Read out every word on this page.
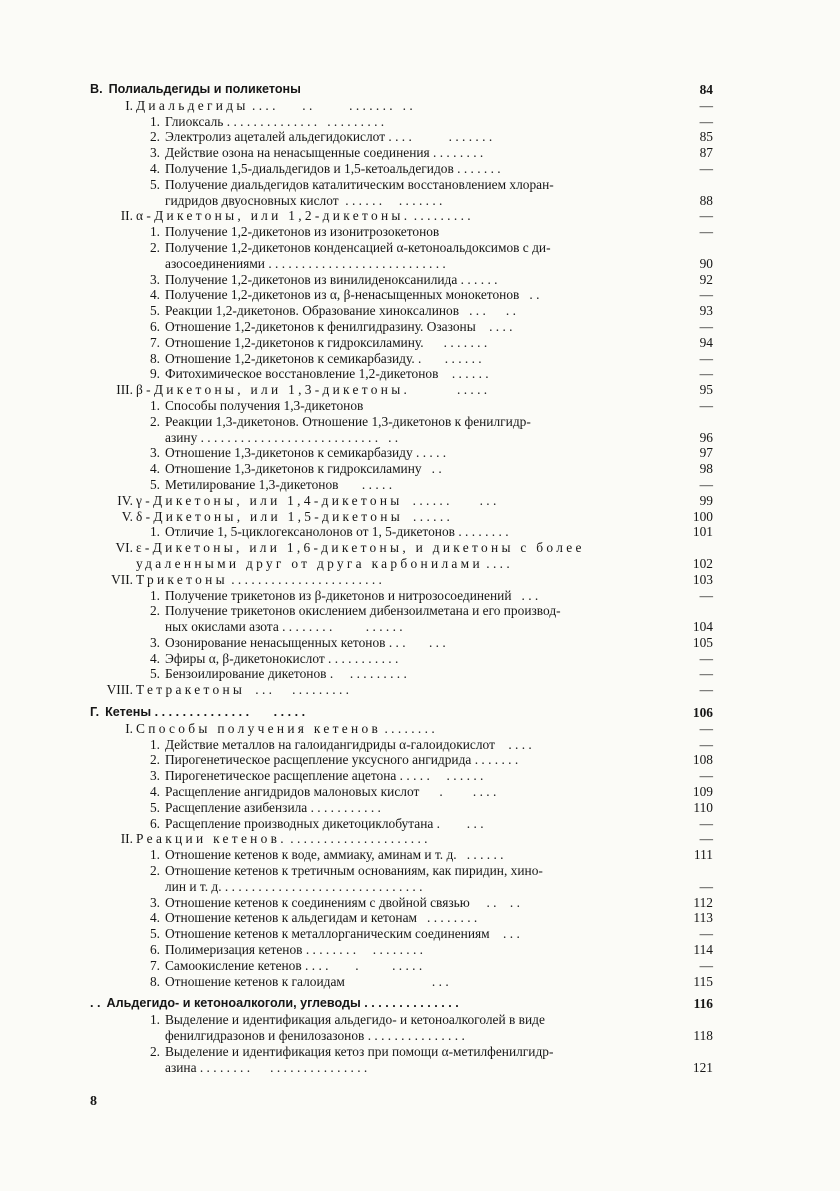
В. Полиальдегиды и поликетоны	84
I. Диальдегиды . . . .        . .           . . . . . . .   . .	—
1. Глиоксаль . . . . . . . . . . . . . .   . . . . . . . . .	—
2. Электролиз ацеталей альдегидокислот . . . .           . . . . . . .	85
3. Действие озона на ненасыщенные соединения . . . . . . . .	87
4. Получение 1,5-диальдегидов и 1,5-кетоальдегидов . . . . . . .	—
5. Получение диальдегидов каталитическим восстановлением хлоран-
гидридов двуосновных кислот  . . . . . .     . . . . . . .	88
II. α-Дикетоны, или 1,2-дикетоны. . . . . . . . . .	—
1. Получение 1,2-дикетонов из изонитрозокетонов	—
2. Получение 1,2-дикетонов конденсацией α-кетоноальдоксимов с ди-
азосоединениями . . . . . . . . . . . . . . . . . . . . . . . . . . .	90
3. Получение 1,2-дикетонов из винилиденоксанилида . . . . . .	92
4. Получение 1,2-дикетонов из α, β-ненасыщенных монокетонов   . .	—
5. Реакции 1,2-дикетонов. Образование хиноксалинов   . . .      . .	93
6. Отношение 1,2-дикетонов к фенилгидразину. Озазоны    . . . .	—
7. Отношение 1,2-дикетонов к гидроксиламину.      . . . . . . .	94
8. Отношение 1,2-дикетонов к семикарбазиду. .       . . . . . .	—
9. Фитохимическое восстановление 1,2-дикетонов    . . . . . .	—
III. β-Дикетоны, или 1,3-дикетоны.              . . . . .	95
1. Способы получения 1,3-дикетонов	—
2. Реакции 1,3-дикетонов. Отношение 1,3-дикетонов к фенилгидр-
азину . . . . . . . . . . . . . . . . . . . . . . . . . . .   . .	96
3. Отношение 1,3-дикетонов к семикарбазиду . . . . .	97
4. Отношение 1,3-дикетонов к гидроксиламину   . .	98
5. Метилирование 1,3-дикетонов       . . . . .	—
IV. γ-Дикетоны, или 1,4-дикетоны   . . . . . .         . . .	99
V. δ-Дикетоны, или 1,5-дикетоны   . . . . . .	100
1. Отличие 1, 5-циклогексанолонов от 1, 5-дикетонов . . . . . . . .	101
VI. ε-Дикетоны, или 1,6-дикетоны, и дикетоны с более
удаленными друг от друга карбонилами . . . .	102
VII. Трикетоны . . . . . . . . . . . . . . . . . . . . . . .	103
1. Получение трикетонов из β-дикетонов и нитрозосоединений   . . .	—
2. Получение трикетонов окислением дибензоилметана и его производ-
ных окислами азота . . . . . . . .          . . . . . .	104
3. Озонирование ненасыщенных кетонов . . .       . . .	105
4. Эфиры α, β-дикетонокислот . . . . . . . . . . .	—
5. Бензоилирование дикетонов .     . . . . . . . . .	—
VIII. Тетракетоны   . . .      . . . . . . . . .	—
Г. Кетены . . . . . . . . . . . . . .       . . . . .	106
I. Способы получения кетенов . . . . . . . .	—
1. Действие металлов на галоидангидриды α-галоидокислот    . . . .	—
2. Пирогенетическое расщепление уксусного ангидрида . . . . . . .	108
3. Пирогенетическое расщепление ацетона . . . . .     . . . . . .	—
4. Расщепление ангидридов малоновых кислот      .         . . . .	109
5. Расщепление азибензила . . . . . . . . . . .	110
6. Расщепление производных дикетоциклобутана .        . . .	—
II. Реакции кетенов. . . . . . . . . . . . . . . . . . . . . .	—
1. Отношение кетенов к воде, аммиаку, аминам и т. д.   . . . . . .	111
2. Отношение кетенов к третичным основаниям, как пиридин, хино-
лин и т. д. . . . . . . . . . . . . . . . . . . . . . . . . . . . . . .	—
3. Отношение кетенов к соединениям с двойной связью     . .    . .	112
4. Отношение кетенов к альдегидам и кетонам   . . . . . . . .	113
5. Отношение кетенов к металлорганическим соединениям    . . .	—
6. Полимеризация кетенов . . . . . . . .     . . . . . . . .	114
7. Самоокисление кетенов . . . .        .          . . . . .	—
8. Отношение кетенов к галоидам                          . . .	115
. . Альдегидо- и кетоноалкоголи, углеводы . . . . . . . . . . . . . .	116
1. Выделение и идентификация альдегидо- и кетоноалкоголей в виде
фенилгидразонов и фенилозазонов . . . . . . . . . . . . . . .	118
2. Выделение и идентификация кетоз при помощи α-метилфенилгидр-
азина . . . . . . . .      . . . . . . . . . . . . . . .	121
8
